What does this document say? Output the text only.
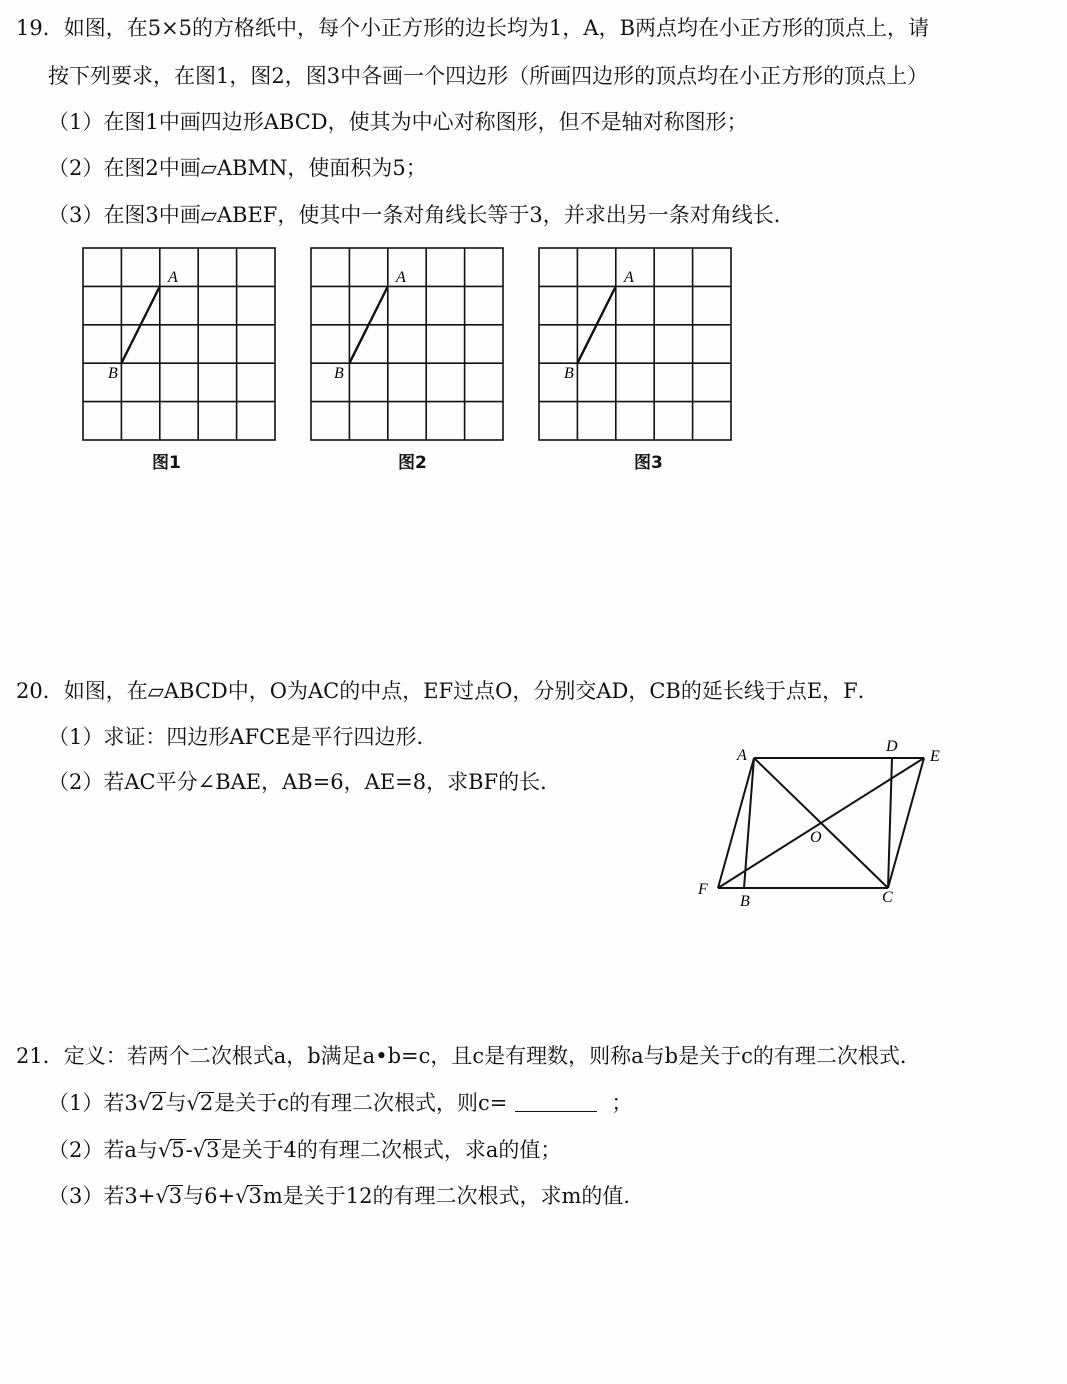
19．如图，在5×5的方格纸中，每个小正方形的边长均为1，A，B两点均在小正方形的顶点上，请
按下列要求，在图1，图2，图3中各画一个四边形（所画四边形的顶点均在小正方形的顶点上）
（1）在图1中画四边形ABCD，使其为中心对称图形，但不是轴对称图形；
（2）在图2中画▱ABMN，使面积为5；
（3）在图3中画▱ABEF，使其中一条对角线长等于3，并求出另一条对角线长．
A
B
图1
A
B
图2
A
B
图3
20．如图，在▱ABCD中，O为AC的中点，EF过点O，分别交AD，CB的延长线于点E，F．
（1）求证：四边形AFCE是平行四边形．
（2）若AC平分∠BAE，AB=6，AE=8，求BF的长．
A
D
E
O
F
B	C
21．定义：若两个二次根式a，b满足a•b=c，且c是有理数，则称a与b是关于c的有理二次根式．
（1）若3√2与√2是关于c的有理二次根式，则c=	；
（2）若a与√5-√3是关于4的有理二次根式，求a的值；
（3）若3+√3与6+√3m是关于12的有理二次根式，求m的值．
